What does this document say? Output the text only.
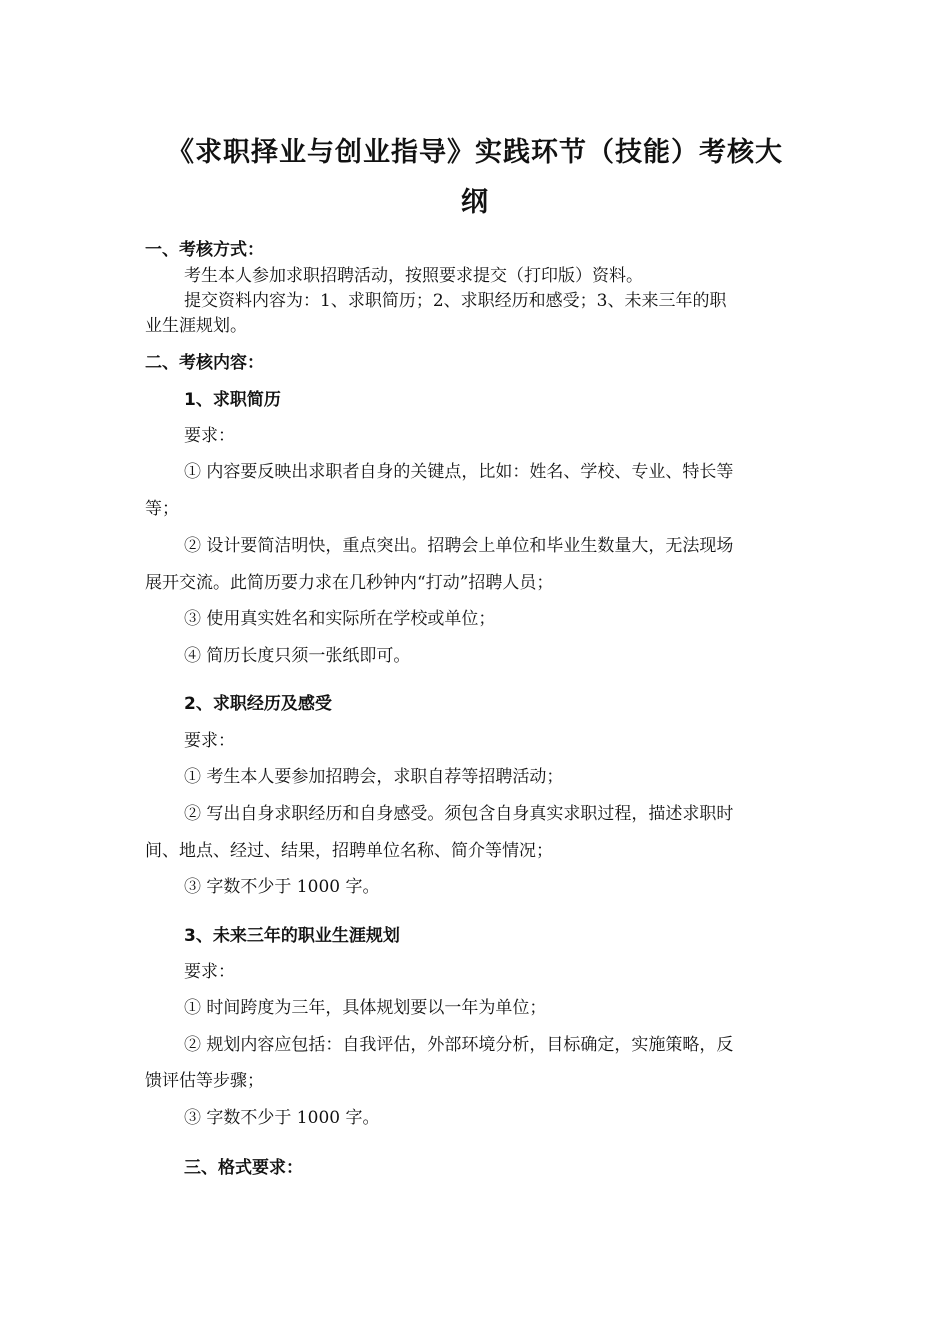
《求职择业与创业指导》实践环节（技能）考核大
纲
一、考核方式：
考生本人参加求职招聘活动，按照要求提交（打印版）资料。
提交资料内容为：1、求职简历；2、求职经历和感受；3、未来三年的职
业生涯规划。
二、考核内容：
1、求职简历
要求：
① 内容要反映出求职者自身的关键点，比如：姓名、学校、专业、特长等
等；
② 设计要简洁明快，重点突出。招聘会上单位和毕业生数量大，无法现场
展开交流。此简历要力求在几秒钟内“打动”招聘人员；
③ 使用真实姓名和实际所在学校或单位；
④ 简历长度只须一张纸即可。
2、求职经历及感受
要求：
① 考生本人要参加招聘会，求职自荐等招聘活动；
② 写出自身求职经历和自身感受。须包含自身真实求职过程，描述求职时
间、地点、经过、结果，招聘单位名称、简介等情况；
③ 字数不少于 1000 字。
3、未来三年的职业生涯规划
要求：
① 时间跨度为三年，具体规划要以一年为单位；
② 规划内容应包括：自我评估，外部环境分析，目标确定，实施策略，反
馈评估等步骤；
③ 字数不少于 1000 字。
三、格式要求：
